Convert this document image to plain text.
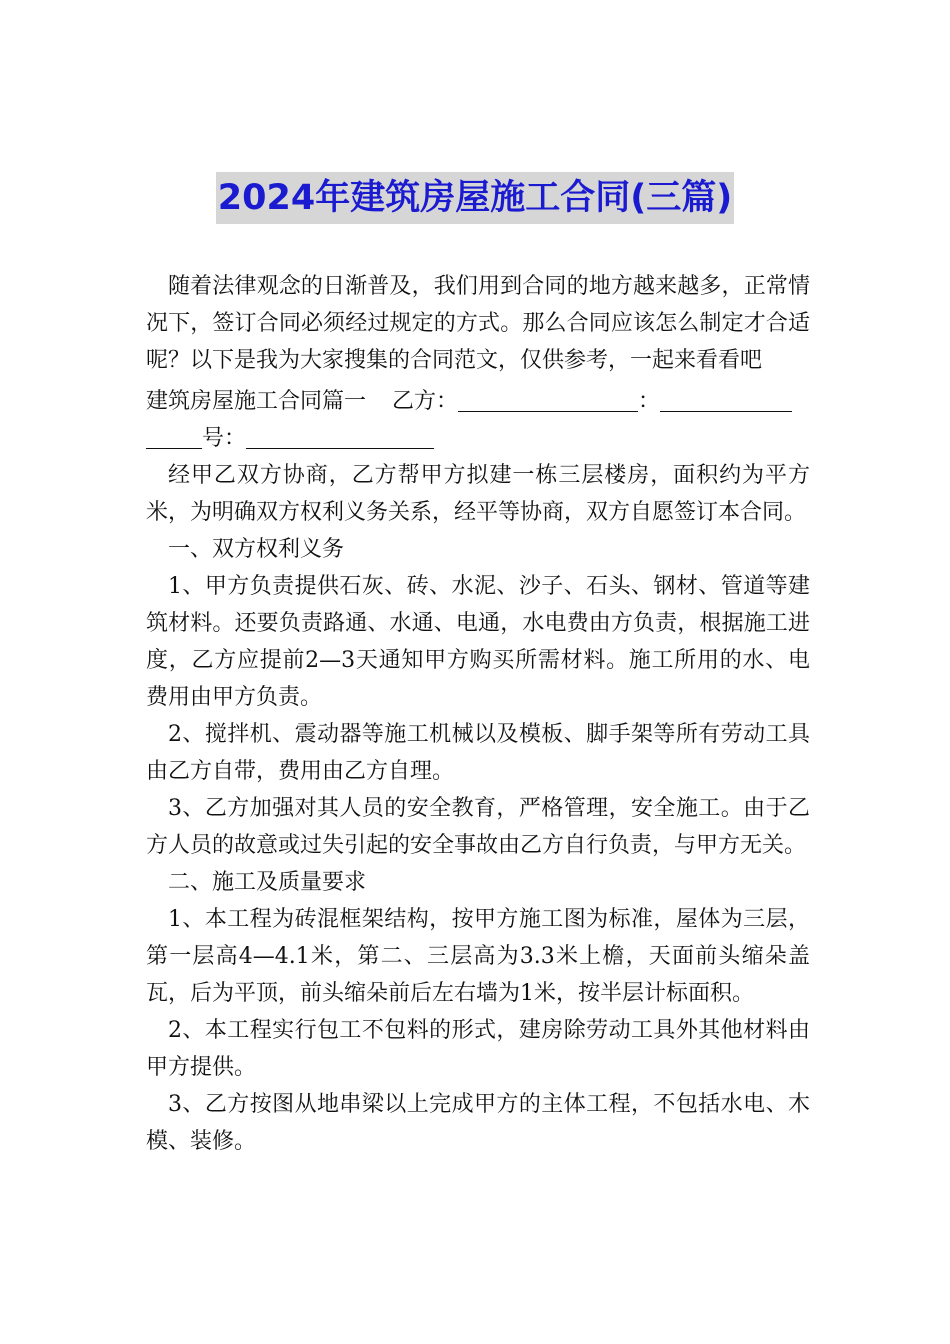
2024年建筑房屋施工合同(三篇)

随着法律观念的日渐普及，我们用到合同的地方越来越多，正常情况下，签订合同必须经过规定的方式。那么合同应该怎么制定才合适呢？以下是我为大家搜集的合同范文，仅供参考，一起来看看吧

建筑房屋施工合同篇一 乙方：	：
号：

经甲乙双方协商，乙方帮甲方拟建一栋三层楼房，面积约为平方米，为明确双方权利义务关系，经平等协商，双方自愿签订本合同。

一、双方权利义务

1、甲方负责提供石灰、砖、水泥、沙子、石头、钢材、管道等建筑材料。还要负责路通、水通、电通，水电费由方负责，根据施工进度，乙方应提前2—3天通知甲方购买所需材料。施工所用的水、电费用由甲方负责。

2、搅拌机、震动器等施工机械以及模板、脚手架等所有劳动工具由乙方自带，费用由乙方自理。

3、乙方加强对其人员的安全教育，严格管理，安全施工。由于乙方人员的故意或过失引起的安全事故由乙方自行负责，与甲方无关。

二、施工及质量要求

1、本工程为砖混框架结构，按甲方施工图为标准，屋体为三层，第一层高4—4.1米，第二、三层高为3.3米上檐，天面前头缩朵盖瓦，后为平顶，前头缩朵前后左右墙为1米，按半层计标面积。

2、本工程实行包工不包料的形式，建房除劳动工具外其他材料由甲方提供。

3、乙方按图从地串梁以上完成甲方的主体工程，不包括水电、木模、装修。
